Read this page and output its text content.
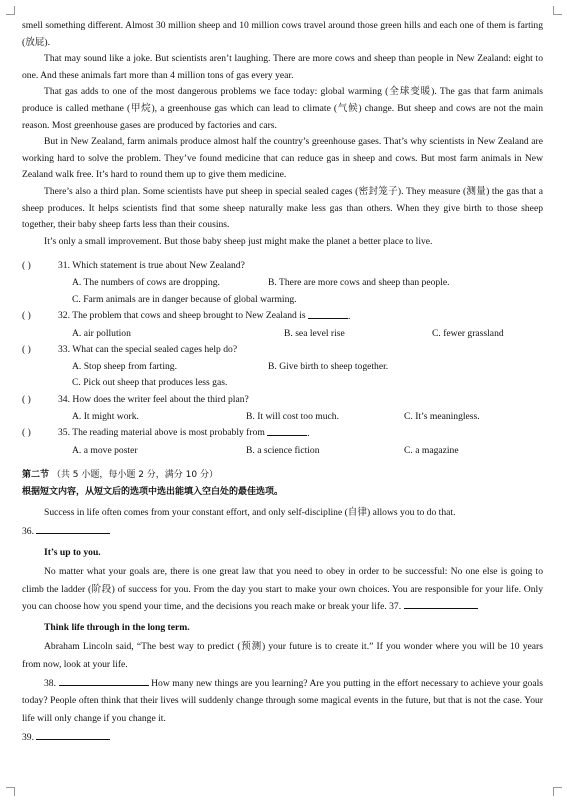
smell something different. Almost 30 million sheep and 10 million cows travel around those green hills and each one of them is farting (放屁).

That may sound like a joke. But scientists aren’t laughing. There are more cows and sheep than people in New Zealand: eight to one. And these animals fart more than 4 million tons of gas every year.

That gas adds to one of the most dangerous problems we face today: global warming (全球变暖). The gas that farm animals produce is called methane (甲烷), a greenhouse gas which can lead to climate (气候) change. But sheep and cows are not the main reason. Most greenhouse gases are produced by factories and cars.

But in New Zealand, farm animals produce almost half the country’s greenhouse gases. That’s why scientists in New Zealand are working hard to solve the problem. They’ve found medicine that can reduce gas in sheep and cows. But most farm animals in New Zealand walk free. It’s hard to round them up to give them medicine.

There’s also a third plan. Some scientists have put sheep in special sealed cages (密封笼子). They measure (测量) the gas that a sheep produces. It helps scientists find that some sheep naturally make less gas than others. When they give birth to those sheep together, their baby sheep farts less than their cousins.

It’s only a small improvement. But those baby sheep just might make the planet a better place to live.

( )	31. Which statement is true about New Zealand?
A. The numbers of cows are dropping.	B. There are more cows and sheep than people.
C. Farm animals are in danger because of global warming.
( )	32. The problem that cows and sheep brought to New Zealand is	.
A. air pollution	B. sea level rise	C. fewer grassland
( )	33. What can the special sealed cages help do?
A. Stop sheep from farting.	B. Give birth to sheep together.
C. Pick out sheep that produces less gas.
( )	34. How does the writer feel about the third plan?
A. It might work.	B. It will cost too much.	C. It’s meaningless.
( )	35. The reading material above is most probably from	.
A. a move poster	B. a science fiction	C. a magazine

第二节 （共 5 小题，每小题 2 分，满分 10 分）

根据短文内容，从短文后的选项中选出能填入空白处的最佳选项。

Success in life often comes from your constant effort, and only self-discipline (自律) allows you to do that.

36.

It’s up to you.

No matter what your goals are, there is one great law that you need to obey in order to be successful: No one else is going to climb the ladder (阶段) of success for you. From the day you start to make your own choices. You are responsible for your life. Only you can choose how you spend your time, and the decisions you reach make or break your life. 37.

Think life through in the long term.

Abraham Lincoln said, “The best way to predict (预测) your future is to create it.” If you wonder where you will be 10 years from now, look at your life.

38.	How many new things are you learning? Are you putting in the effort necessary to achieve your goals today? People often think that their lives will suddenly change through some magical events in the future, but that is not the case. Your life will only change if you change it.

39.
